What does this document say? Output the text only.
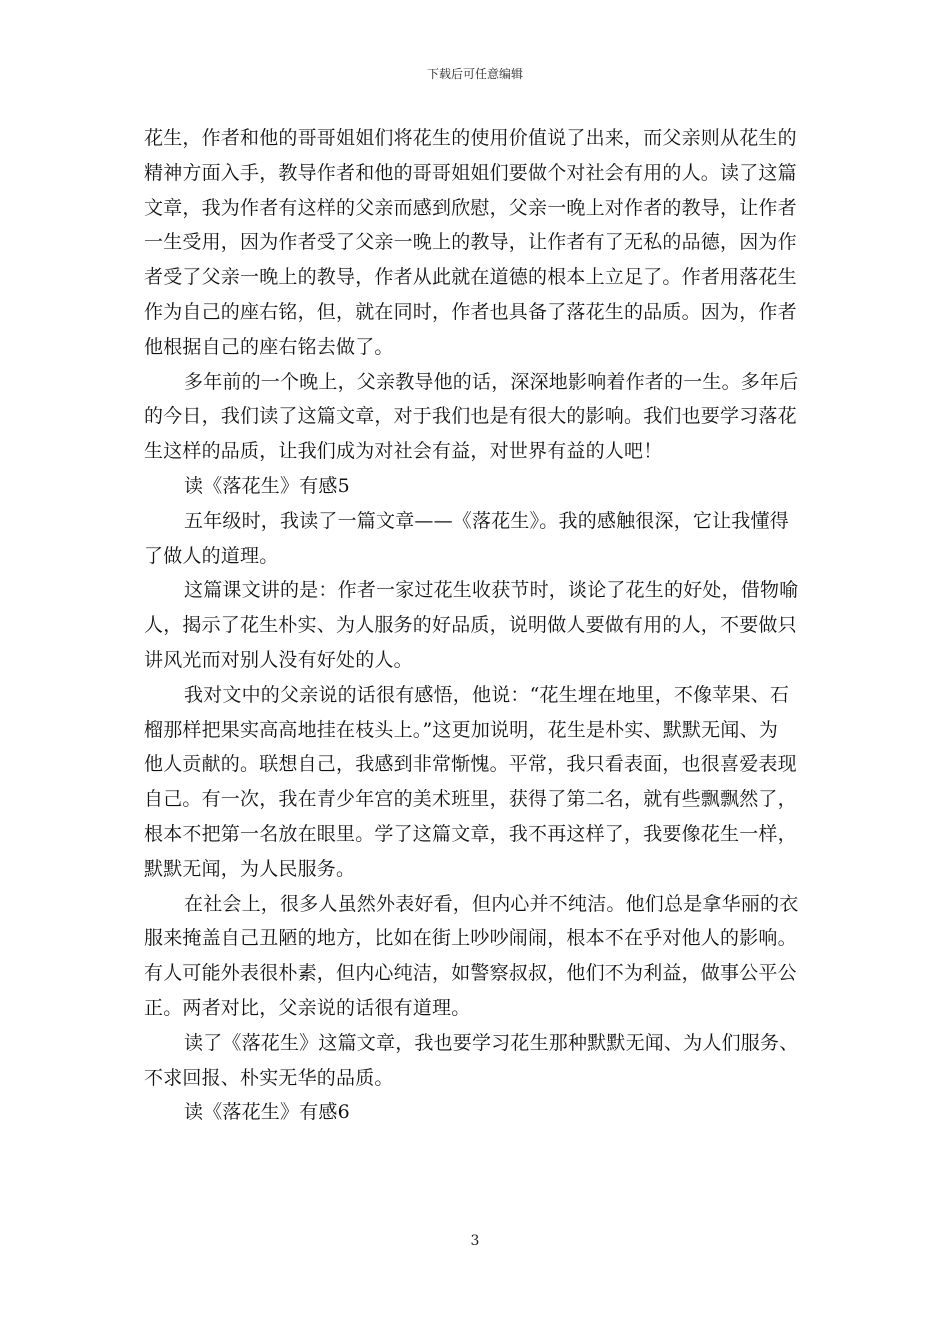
下载后可任意编辑

花生，作者和他的哥哥姐姐们将花生的使用价值说了出来，而父亲则从花生的
精神方面入手，教导作者和他的哥哥姐姐们要做个对社会有用的人。读了这篇
文章，我为作者有这样的父亲而感到欣慰，父亲一晚上对作者的教导，让作者
一生受用，因为作者受了父亲一晚上的教导，让作者有了无私的品德，因为作
者受了父亲一晚上的教导，作者从此就在道德的根本上立足了。作者用落花生
作为自己的座右铭，但，就在同时，作者也具备了落花生的品质。因为，作者
他根据自己的座右铭去做了。

多年前的一个晚上，父亲教导他的话，深深地影响着作者的一生。多年后
的今日，我们读了这篇文章，对于我们也是有很大的影响。我们也要学习落花
生这样的品质，让我们成为对社会有益，对世界有益的人吧！

读《落花生》有感5

五年级时，我读了一篇文章——《落花生》。我的感触很深，它让我懂得
了做人的道理。

这篇课文讲的是：作者一家过花生收获节时，谈论了花生的好处，借物喻
人，揭示了花生朴实、为人服务的好品质，说明做人要做有用的人，不要做只
讲风光而对别人没有好处的人。

我对文中的父亲说的话很有感悟，他说：“花生埋在地里，不像苹果、石
榴那样把果实高高地挂在枝头上。”这更加说明，花生是朴实、默默无闻、为
他人贡献的。联想自己，我感到非常惭愧。平常，我只看表面，也很喜爱表现
自己。有一次，我在青少年宫的美术班里，获得了第二名，就有些飘飘然了，
根本不把第一名放在眼里。学了这篇文章，我不再这样了，我要像花生一样，
默默无闻，为人民服务。

在社会上，很多人虽然外表好看，但内心并不纯洁。他们总是拿华丽的衣
服来掩盖自己丑陋的地方，比如在街上吵吵闹闹，根本不在乎对他人的影响。
有人可能外表很朴素，但内心纯洁，如警察叔叔，他们不为利益，做事公平公
正。两者对比，父亲说的话很有道理。

读了《落花生》这篇文章，我也要学习花生那种默默无闻、为人们服务、
不求回报、朴实无华的品质。

读《落花生》有感6

3
